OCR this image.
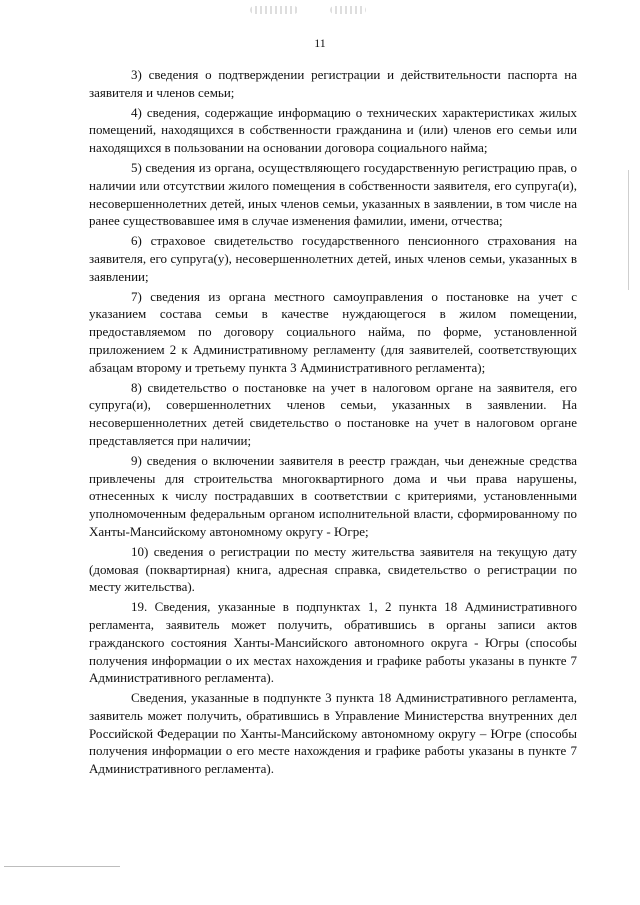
11

3) сведения о подтверждении регистрации и действительности паспорта на заявителя и членов семьи;

4) сведения, содержащие информацию о технических характеристиках жилых помещений, находящихся в собственности гражданина и (или) членов его семьи или находящихся в пользовании на основании договора социального найма;

5) сведения из органа, осуществляющего государственную регистрацию прав, о наличии или отсутствии жилого помещения в собственности заявителя, его супруга(и), несовершеннолетних детей, иных членов семьи, указанных в заявлении, в том числе на ранее существовавшее имя в случае изменения фамилии, имени, отчества;

6) страховое свидетельство государственного пенсионного страхования на заявителя, его супруга(у), несовершеннолетних детей, иных членов семьи, указанных в заявлении;

7) сведения из органа местного самоуправления о постановке на учет с указанием состава семьи в качестве нуждающегося в жилом помещении, предоставляемом по договору социального найма, по форме, установленной приложением 2 к Административному регламенту (для заявителей, соответствующих абзацам второму и третьему пункта 3 Административного регламента);

8) свидетельство о постановке на учет в налоговом органе на заявителя, его супруга(и), совершеннолетних членов семьи, указанных в заявлении. На несовершеннолетних детей свидетельство о постановке на учет в налоговом органе представляется при наличии;

9) сведения о включении заявителя в реестр граждан, чьи денежные средства привлечены для строительства многоквартирного дома и чьи права нарушены, отнесенных к числу пострадавших в соответствии с критериями, установленными уполномоченным федеральным органом исполнительной власти, сформированному по Ханты-Мансийскому автономному округу - Югре;

10) сведения о регистрации по месту жительства заявителя на текущую дату (домовая (поквартирная) книга, адресная справка, свидетельство о регистрации по месту жительства).

19. Сведения, указанные в подпунктах 1, 2 пункта 18 Административного регламента, заявитель может получить, обратившись в органы записи актов гражданского состояния Ханты-Мансийского автономного округа - Югры (способы получения информации о их местах нахождения и графике работы указаны в пункте 7 Административного регламента).

Сведения, указанные в подпункте 3 пункта 18 Административного регламента, заявитель может получить, обратившись в Управление Министерства внутренних дел Российской Федерации по Ханты-Мансийскому автономному округу – Югре (способы получения информации о его месте нахождения и графике работы указаны в пункте 7 Административного регламента).
